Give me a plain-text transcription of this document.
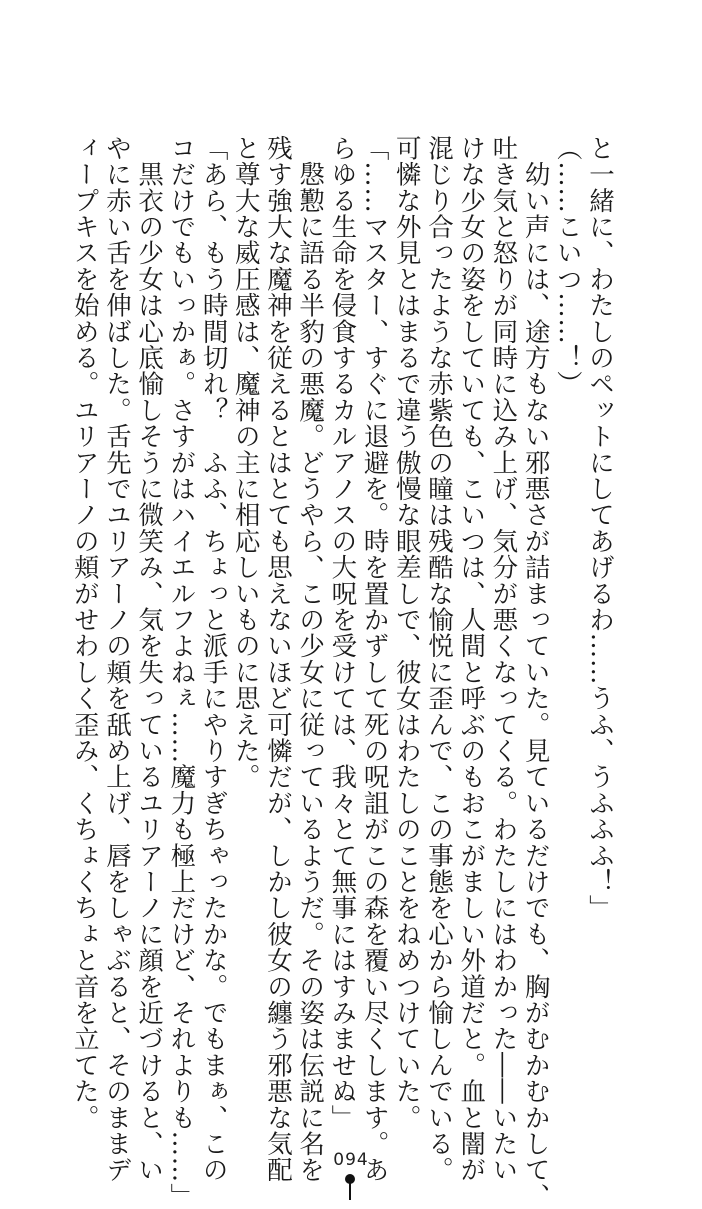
と一緒に、わたしのペットにしてあげるわ……うふ、うふふふ！」
（……こいつ……！）
　幼い声には、途方もない邪悪さが詰まっていた。見ているだけでも、胸がむかむかして、
吐き気と怒りが同時に込み上げ、気分が悪くなってくる。わたしにはわかった――いたい
けな少女の姿をしていても、こいつは、人間と呼ぶのもおこがましい外道だと。血と闇が
混じり合ったような赤紫色の瞳は残酷な愉悦に歪んで、この事態を心から愉しんでいる。
可憐な外見とはまるで違う傲慢な眼差しで、彼女はわたしのことをねめつけていた。
「……マスター、すぐに退避を。時を置かずして死の呪詛がこの森を覆い尽くします。あ
らゆる生命を侵食するカルアノスの大呪を受けては、我々とて無事にはすみませぬ」
　慇懃に語る半豹の悪魔。どうやら、この少女に従っているようだ。その姿は伝説に名を
残す強大な魔神を従えるとはとても思えないほど可憐だが、しかし彼女の纏う邪悪な気配
と尊大な威圧感は、魔神の主に相応しいものに思えた。
「あら、もう時間切れ？　ふふ、ちょっと派手にやりすぎちゃったかな。でもまぁ、この
コだけでもいっかぁ。さすがはハイエルフよねぇ……魔力も極上だけど、それよりも……」
　黒衣の少女は心底愉しそうに微笑み、気を失っているユリアーノに顔を近づけると、い
やに赤い舌を伸ばした。舌先でユリアーノの頬を舐め上げ、唇をしゃぶると、そのままデ
ィープキスを始める。ユリアーノの頬がせわしく歪み、くちょくちょと音を立てた。
094
